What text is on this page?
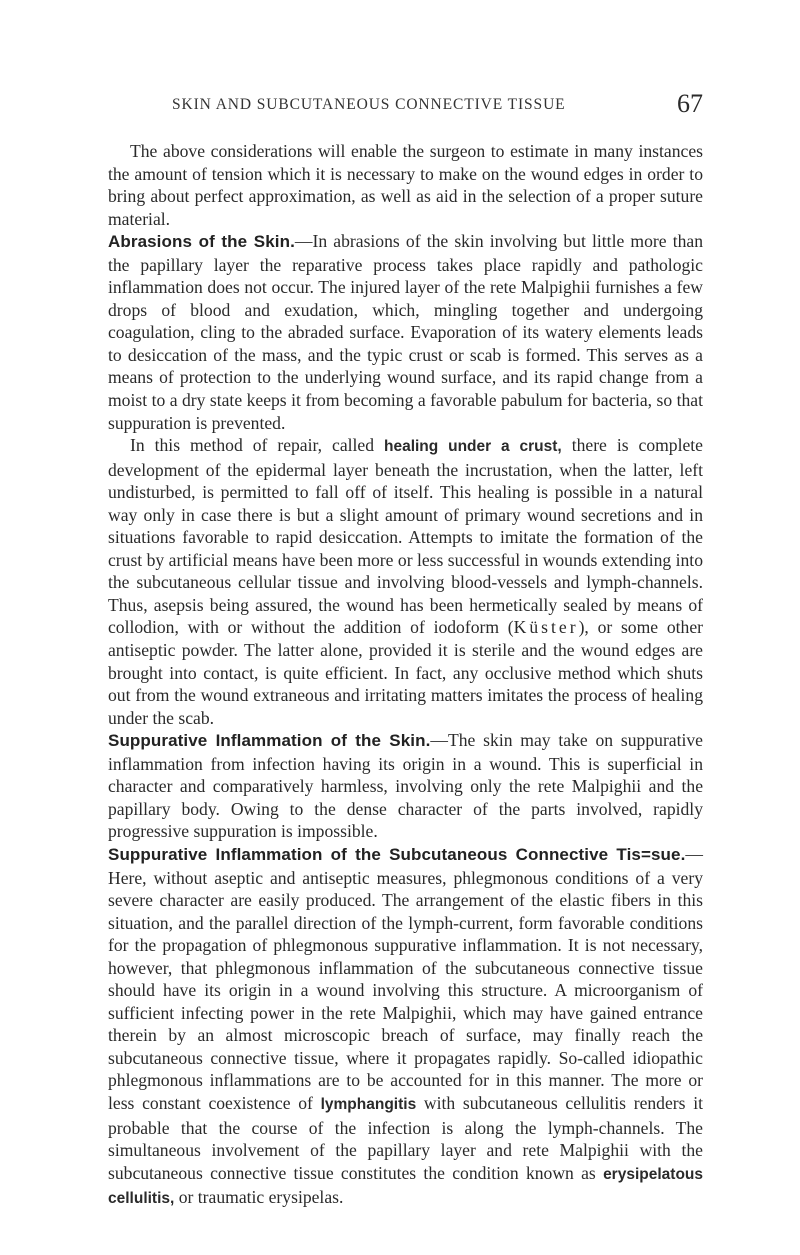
SKIN AND SUBCUTANEOUS CONNECTIVE TISSUE	67

The above considerations will enable the surgeon to estimate in many instances the amount of tension which it is necessary to make on the wound edges in order to bring about perfect approximation, as well as aid in the selection of a proper suture material.

Abrasions of the Skin.—In abrasions of the skin involving but little more than the papillary layer the reparative process takes place rapidly and pathologic inflammation does not occur. The injured layer of the rete Malpighii furnishes a few drops of blood and exudation, which, mingling together and undergoing coagulation, cling to the abraded surface. Evaporation of its watery elements leads to desiccation of the mass, and the typic crust or scab is formed. This serves as a means of protection to the underlying wound surface, and its rapid change from a moist to a dry state keeps it from becoming a favorable pabulum for bacteria, so that suppuration is prevented.

In this method of repair, called healing under a crust, there is complete development of the epidermal layer beneath the incrustation, when the latter, left undisturbed, is permitted to fall off of itself. This healing is possible in a natural way only in case there is but a slight amount of primary wound secretions and in situations favorable to rapid desiccation. Attempts to imitate the formation of the crust by artificial means have been more or less successful in wounds extending into the subcutaneous cellular tissue and involving blood-vessels and lymph-channels. Thus, asepsis being assured, the wound has been hermetically sealed by means of collodion, with or without the addition of iodoform (Küster), or some other antiseptic powder. The latter alone, provided it is sterile and the wound edges are brought into contact, is quite efficient. In fact, any occlusive method which shuts out from the wound extraneous and irritating matters imitates the process of healing under the scab.

Suppurative Inflammation of the Skin.—The skin may take on suppurative inflammation from infection having its origin in a wound. This is superficial in character and comparatively harmless, involving only the rete Malpighii and the papillary body. Owing to the dense character of the parts involved, rapidly progressive suppuration is impossible.

Suppurative Inflammation of the Subcutaneous Connective Tis=sue.—Here, without aseptic and antiseptic measures, phlegmonous conditions of a very severe character are easily produced. The arrangement of the elastic fibers in this situation, and the parallel direction of the lymph-current, form favorable conditions for the propagation of phlegmonous suppurative inflammation. It is not necessary, however, that phlegmonous inflammation of the subcutaneous connective tissue should have its origin in a wound involving this structure. A microorganism of sufficient infecting power in the rete Malpighii, which may have gained entrance therein by an almost microscopic breach of surface, may finally reach the subcutaneous connective tissue, where it propagates rapidly. So-called idiopathic phlegmonous inflammations are to be accounted for in this manner. The more or less constant coexistence of lymphangitis with subcutaneous cellulitis renders it probable that the course of the infection is along the lymph-channels. The simultaneous involvement of the papillary layer and rete Malpighii with the subcutaneous connective tissue constitutes the condition known as erysipelatous cellulitis, or traumatic erysipelas.
